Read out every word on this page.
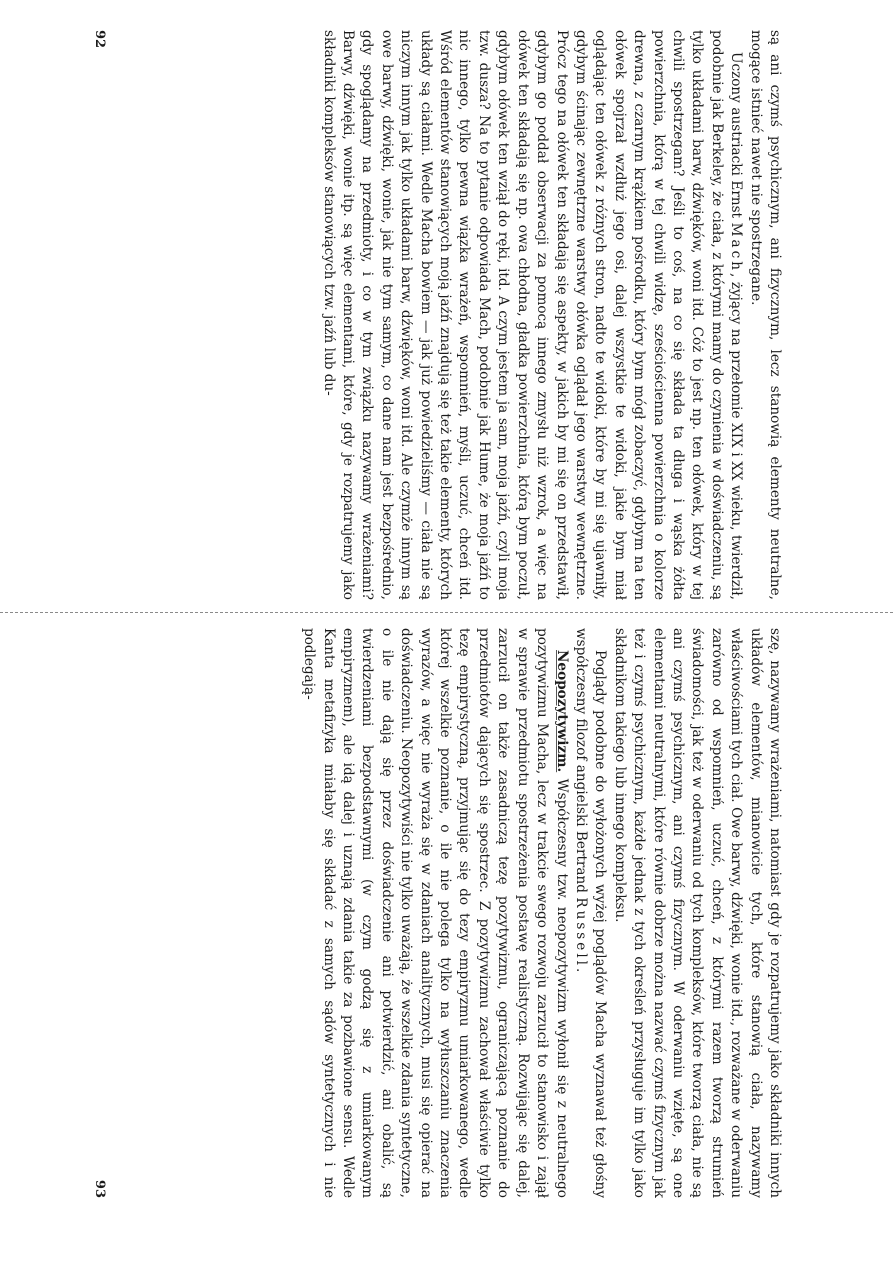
są ani czymś psychicznym, ani fizycznym, lecz stanowią elementy neutralne, mogące istnieć nawet nie spostrzegane.

Uczony austriacki Ernst Mach, żyjący na przełomie XIX i XX wieku, twierdził, podobnie jak Berkeley, że ciała, z którymi mamy do czynienia w doświadczeniu, są tylko układami barw, dźwięków, woni itd. Cóż to jest np. ten ołówek, który w tej chwili spostrzegam? Jeśli to coś, na co się składa ta długa i wąska żółta powierzchnia, którą w tej chwili widzę, sześciościenna powierzchnia o kolorze drewna, z czarnym krążkiem pośrodku, który bym mógł zobaczyć, gdybym na ten ołówek spojrzał wzdłuż jego osi, dalej wszystkie te widoki, jakie bym miał oglądając ten ołówek z różnych stron, nadto te widoki, które by mi się ujawniły, gdybym ścinając zewnętrzne warstwy ołówka oglądał jego warstwy wewnętrzne. Prócz tego na ołówek ten składają się aspekty, w jakich by mi się on przedstawił, gdybym go poddał obserwacji za pomocą innego zmysłu niż wzrok, a więc na ołówek ten składają się np. owa chłodna, gładka powierzchnia, którą bym poczuł, gdybym ołówek ten wziął do ręki, itd. A czym jestem ja sam, moja jaźń, czyli moja tzw. dusza? Na to pytanie odpowiada Mach, podobnie jak Hume, że moja jaźń to nic innego, tylko pewna wiązka wrażeń, wspomnień, myśli, uczuć, chceń itd. Wśród elementów stanowiących moją jaźń znajdują się też takie elementy, których układy są ciałami. Wedle Macha bowiem — jak już powiedzieliśmy — ciała nie są niczym innym jak tylko układami barw, dźwięków, woni itd. Ale czymże innym są owe barwy, dźwięki, wonie, jak nie tym samym, co dane nam jest bezpośrednio, gdy spoglądamy na przedmioty, i co w tym związku nazywamy wrażeniami? Barwy, dźwięki, wonie itp. są więc elementami, które, gdy je rozpatrujemy jako składniki kompleksów stanowiących tzw. jaźń lub du-

92

szę, nazywamy wrażeniami, natomiast gdy je rozpatrujemy jako składniki innych układów elementów, mianowicie tych, które stanowią ciała, nazywamy właściwościami tych ciał. Owe barwy, dźwięki, wonie itd., rozważane w oderwaniu zarówno od wspomnień, uczuć, chceń, z którymi razem tworzą strumień świadomości, jak też w oderwaniu od tych kompleksów, które tworzą ciała, nie są ani czymś psychicznym, ani czymś fizycznym. W oderwaniu wzięte, są one elementami neutralnymi, które równie dobrze można nazwać czymś fizycznym jak też i czymś psychicznym, każde jednak z tych określeń przysługuje im tylko jako składnikom takiego lub innego kompleksu.

Poglądy podobne do wyłożonych wyżej poglądów Macha wyznawał też głośny współczesny filozof angielski Bertrand Russell.

Neopozytywizm. Współczesny tzw. neopozytywizm wyłonił się z neutralnego pozytywizmu Macha, lecz w trakcie swego rozwoju zarzucił to stanowisko i zajął w sprawie przedmiotu spostrzeżenia postawę realistyczną. Rozwijając się dalej, zarzucił on także zasadniczą tezę pozytywizmu, ograniczającą poznanie do przedmiotów dających się spostrzec. Z pozytywizmu zachował właściwie tylko tezę empirystyczną, przyjmując się do tezy empiryzmu umiarkowanego, wedle której wszelkie poznanie, o ile nie polega tylko na wyłuszczaniu znaczenia wyrazów, a więc nie wyraża się w zdaniach analitycznych, musi się opierać na doświadczeniu. Neopozytywiści nie tylko uważają, że wszelkie zdania syntetyczne, o ile nie dają się przez doświadczenie ani potwierdzić, ani obalić, są twierdzeniami bezpodstawnymi (w czym godzą się z umiarkowanym empiryzmem), ale idą dalej i uznają zdania takie za pozbawione sensu. Wedle Kanta metafizyka miałaby się składać z samych sądów syntetycznych i nie podlegają-

93
